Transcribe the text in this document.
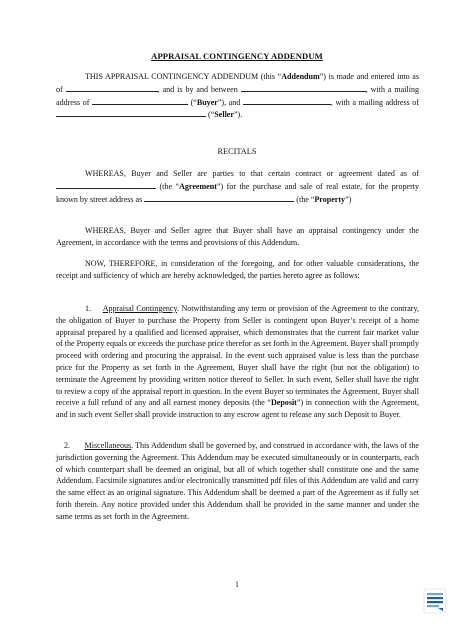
APPRAISAL CONTINGENCY ADDENDUM
THIS APPRAISAL CONTINGENCY ADDENDUM (this “Addendum”) is made and entered into as of	, and is by and between	, with a mailing address of	(“Buyer”), and	, with a mailing address of  (“Seller”).
RECITALS
WHEREAS, Buyer and Seller are parties to that certain contract or agreement dated as of  (the “Agreement”) for the purchase and sale of real estate, for the property known by street address as	(the “Property”)
WHEREAS, Buyer and Seller agree that Buyer shall have an appraisal contingency under the Agreement, in accordance with the terms and provisions of this Addendum.
NOW, THEREFORE, in consideration of the foregoing, and for other valuable considerations, the receipt and sufficiency of which are hereby acknowledged, the parties hereto agree as follows:
1. Appraisal Contingency. Notwithstanding any term or provision of the Agreement to the contrary, the obligation of Buyer to purchase the Property from Seller is contingent upon Buyer’s receipt of a home appraisal prepared by a qualified and licensed appraiser, which demonstrates that the current fair market value of the Property equals or exceeds the purchase price therefor as set forth in the Agreement. Buyer shall promptly proceed with ordering and procuring the appraisal. In the event such appraised value is less than the purchase price for the Property as set forth in the Agreement, Buyer shall have the right (but not the obligation) to terminate the Agreement by providing written notice thereof to Seller. In such event, Seller shall have the right to review a copy of the appraisal report in question. In the event Buyer so terminates the Agreement, Buyer shall receive a full refund of any and all earnest money deposits (the “Deposit”) in connection with the Agreement, and in such event Seller shall provide instruction to any escrow agent to release any such Deposit to Buyer.
2. Miscellaneous. This Addendum shall be governed by, and construed in accordance with, the laws of the jurisdiction governing the Agreement. This Addendum may be executed simultaneously or in counterparts, each of which counterpart shall be deemed an original, but all of which together shall constitute one and the same Addendum. Facsimile signatures and/or electronically transmitted pdf files of this Addendum are valid and carry the same effect as an original signature. This Addendum shall be deemed a part of the Agreement as if fully set forth therein. Any notice provided under this Addendum shall be provided in the same manner and under the same terms as set forth in the Agreement.
1
